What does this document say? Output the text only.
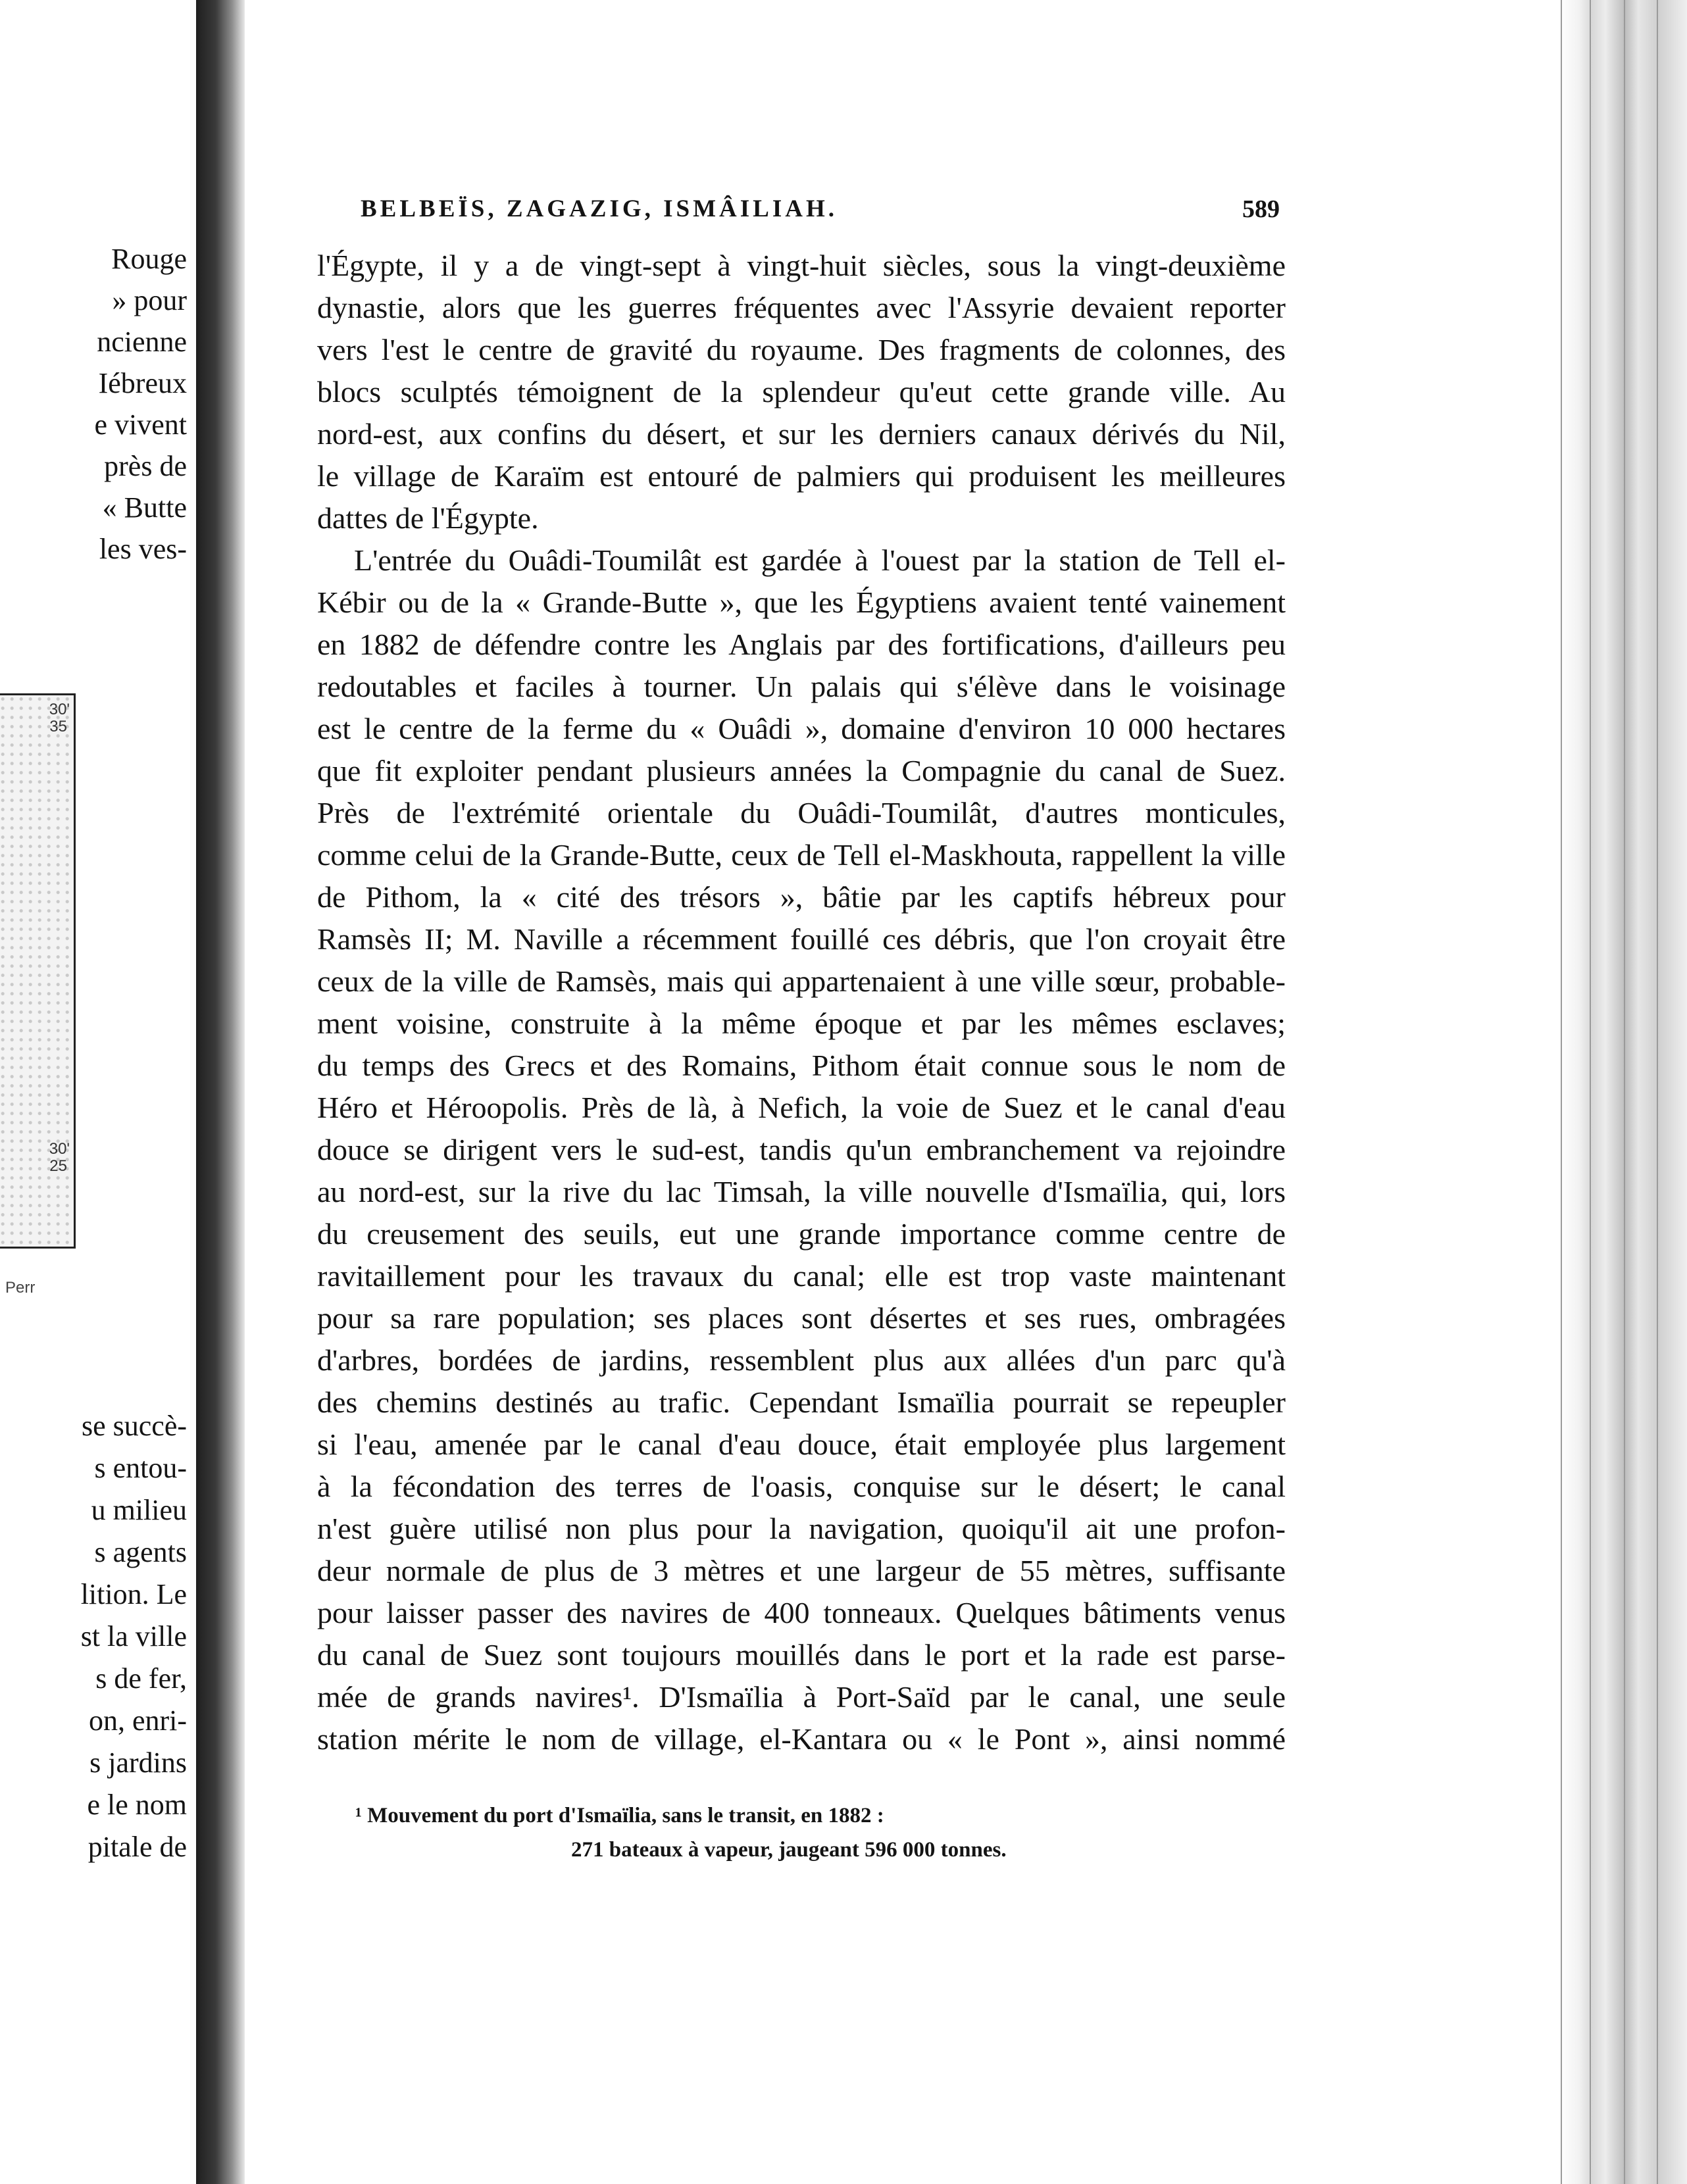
Rouge
» pour
ncienne
Iébreux
e vivent
près de
« Butte
les ves-
30'
35
30'
25
Perr
se succè-
s entou-
u milieu
s agents
lition. Le
st la ville
s de fer,
on, enri-
s jardins
e le nom
pitale de
BELBEÏS, ZAGAZIG, ISMÂILIAH.	589
l'Égypte, il y a de vingt-sept à vingt-huit siècles, sous la vingt-deuxième
dynastie, alors que les guerres fréquentes avec l'Assyrie devaient reporter
vers l'est le centre de gravité du royaume. Des fragments de colonnes, des
blocs sculptés témoignent de la splendeur qu'eut cette grande ville. Au
nord-est, aux confins du désert, et sur les derniers canaux dérivés du Nil,
le village de Karaïm est entouré de palmiers qui produisent les meilleures
dattes de l'Égypte.
L'entrée du Ouâdi-Toumilât est gardée à l'ouest par la station de Tell el-
Kébir ou de la « Grande-Butte », que les Égyptiens avaient tenté vainement
en 1882 de défendre contre les Anglais par des fortifications, d'ailleurs peu
redoutables et faciles à tourner. Un palais qui s'élève dans le voisinage
est le centre de la ferme du « Ouâdi », domaine d'environ 10 000 hectares
que fit exploiter pendant plusieurs années la Compagnie du canal de Suez.
Près de l'extrémité orientale du Ouâdi-Toumilât, d'autres monticules,
comme celui de la Grande-Butte, ceux de Tell el-Maskhouta, rappellent la ville
de Pithom, la « cité des trésors », bâtie par les captifs hébreux pour
Ramsès II; M. Naville a récemment fouillé ces débris, que l'on croyait être
ceux de la ville de Ramsès, mais qui appartenaient à une ville sœur, probable-
ment voisine, construite à la même époque et par les mêmes esclaves;
du temps des Grecs et des Romains, Pithom était connue sous le nom de
Héro et Héroopolis. Près de là, à Nefich, la voie de Suez et le canal d'eau
douce se dirigent vers le sud-est, tandis qu'un embranchement va rejoindre
au nord-est, sur la rive du lac Timsah, la ville nouvelle d'Ismaïlia, qui, lors
du creusement des seuils, eut une grande importance comme centre de
ravitaillement pour les travaux du canal; elle est trop vaste maintenant
pour sa rare population; ses places sont désertes et ses rues, ombragées
d'arbres, bordées de jardins, ressemblent plus aux allées d'un parc qu'à
des chemins destinés au trafic. Cependant Ismaïlia pourrait se repeupler
si l'eau, amenée par le canal d'eau douce, était employée plus largement
à la fécondation des terres de l'oasis, conquise sur le désert; le canal
n'est guère utilisé non plus pour la navigation, quoiqu'il ait une profon-
deur normale de plus de 3 mètres et une largeur de 55 mètres, suffisante
pour laisser passer des navires de 400 tonneaux. Quelques bâtiments venus
du canal de Suez sont toujours mouillés dans le port et la rade est parse-
mée de grands navires¹. D'Ismaïlia à Port-Saïd par le canal, une seule
station mérite le nom de village, el-Kantara ou « le Pont », ainsi nommé
¹ Mouvement du port d'Ismaïlia, sans le transit, en 1882 :
271 bateaux à vapeur, jaugeant 596 000 tonnes.
